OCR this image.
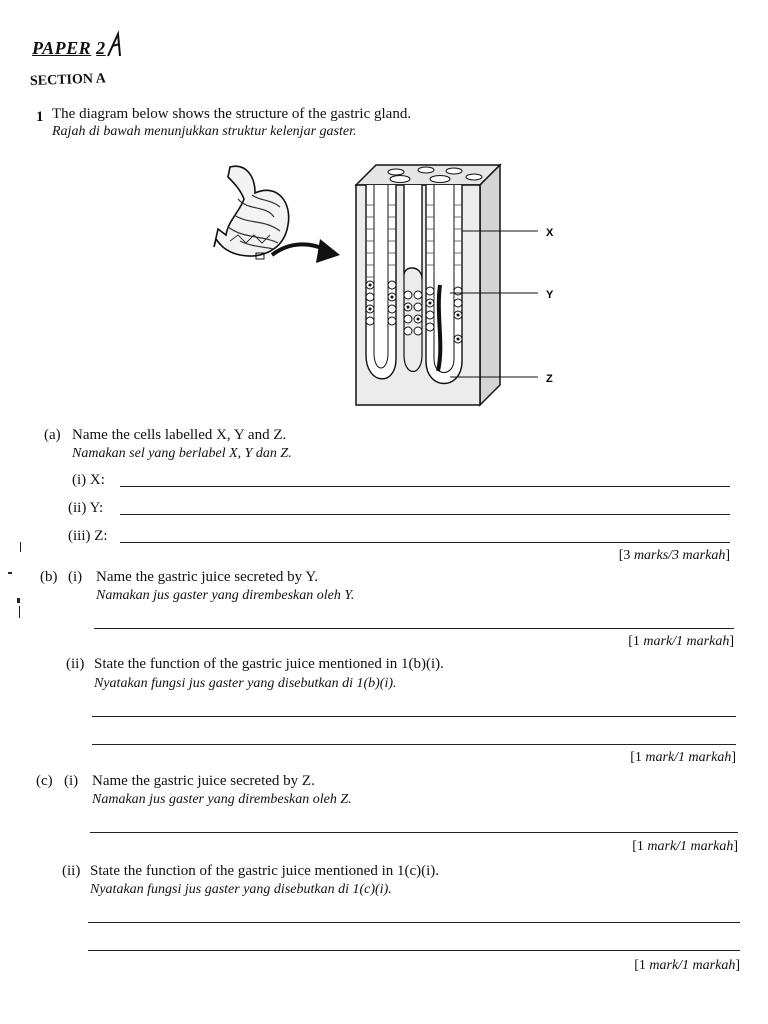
PAPER 2
SECTION A
1 The diagram below shows the structure of the gastric gland.
Rajah di bawah menunjukkan struktur kelenjar gaster.
X
Y
Z
(a) Name the cells labelled X, Y and Z.
Namakan sel yang berlabel X, Y dan Z.
(i) X:
(ii) Y:
(iii) Z:
[3 marks/3 markah]
(b) (i) Name the gastric juice secreted by Y.
Namakan jus gaster yang dirembeskan oleh Y.
[1 mark/1 markah]
(ii) State the function of the gastric juice mentioned in 1(b)(i).
Nyatakan fungsi jus gaster yang disebutkan di 1(b)(i).
[1 mark/1 markah]
(c) (i) Name the gastric juice secreted by Z.
Namakan jus gaster yang dirembeskan oleh Z.
[1 mark/1 markah]
(ii) State the function of the gastric juice mentioned in 1(c)(i).
Nyatakan fungsi jus gaster yang disebutkan di 1(c)(i).
[1 mark/1 markah]
